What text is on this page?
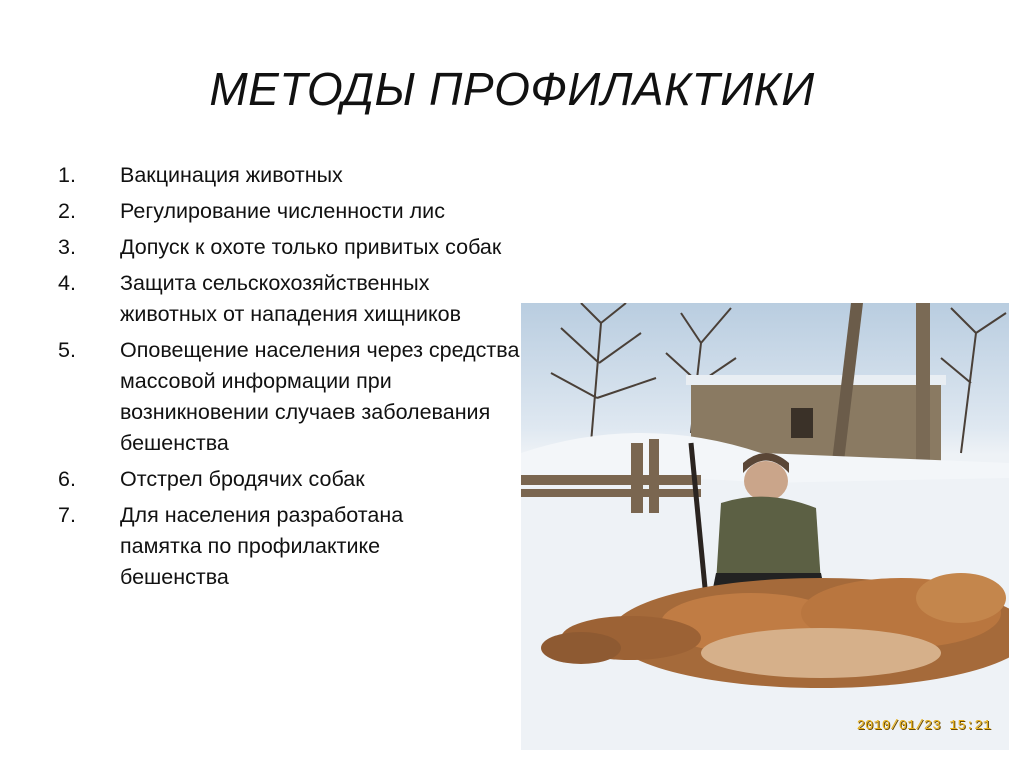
МЕТОДЫ ПРОФИЛАКТИКИ
1.	Вакцинация животных
2.	Регулирование численности лис
3.	Допуск к охоте только привитых собак
4.	Защита сельскохозяйственных животных от нападения хищников
5.	Оповещение населения через средства массовой информации при возникновении случаев заболевания бешенства
6.	Отстрел бродячих собак
7.	Для населения разработана памятка по профилактике бешенства
2010/01/23 15:21
